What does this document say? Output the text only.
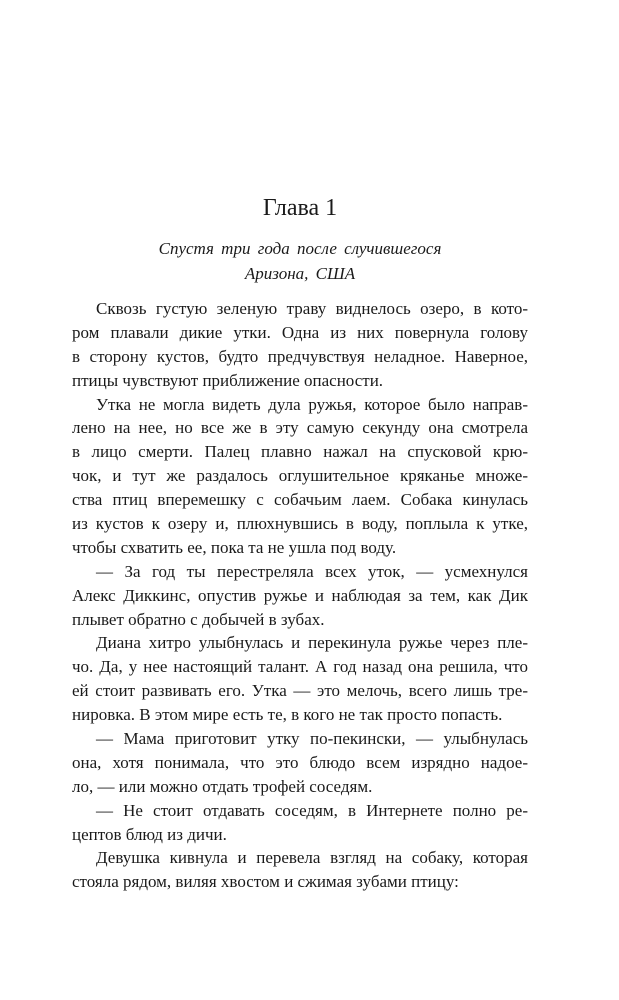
Глава 1
Спустя три года после случившегося
Аризона, США
Сквозь густую зеленую траву виднелось озеро, в кото-
ром плавали дикие утки. Одна из них повернула голову
в сторону кустов, будто предчувствуя неладное. Наверное,
птицы чувствуют приближение опасности.
Утка не могла видеть дула ружья, которое было направ-
лено на нее, но все же в эту самую секунду она смотрела
в лицо смерти. Палец плавно нажал на спусковой крю-
чок, и тут же раздалось оглушительное кряканье множе-
ства птиц вперемешку с собачьим лаем. Собака кинулась
из кустов к озеру и, плюхнувшись в воду, поплыла к утке,
чтобы схватить ее, пока та не ушла под воду.
— За год ты перестреляла всех уток, — усмехнулся
Алекс Диккинс, опустив ружье и наблюдая за тем, как Дик
плывет обратно с добычей в зубах.
Диана хитро улыбнулась и перекинула ружье через пле-
чо. Да, у нее настоящий талант. А год назад она решила, что
ей стоит развивать его. Утка — это мелочь, всего лишь тре-
нировка. В этом мире есть те, в кого не так просто попасть.
— Мама приготовит утку по-пекински, — улыбнулась
она, хотя понимала, что это блюдо всем изрядно надое-
ло, — или можно отдать трофей соседям.
— Не стоит отдавать соседям, в Интернете полно ре-
цептов блюд из дичи.
Девушка кивнула и перевела взгляд на собаку, которая
стояла рядом, виляя хвостом и сжимая зубами птицу:
